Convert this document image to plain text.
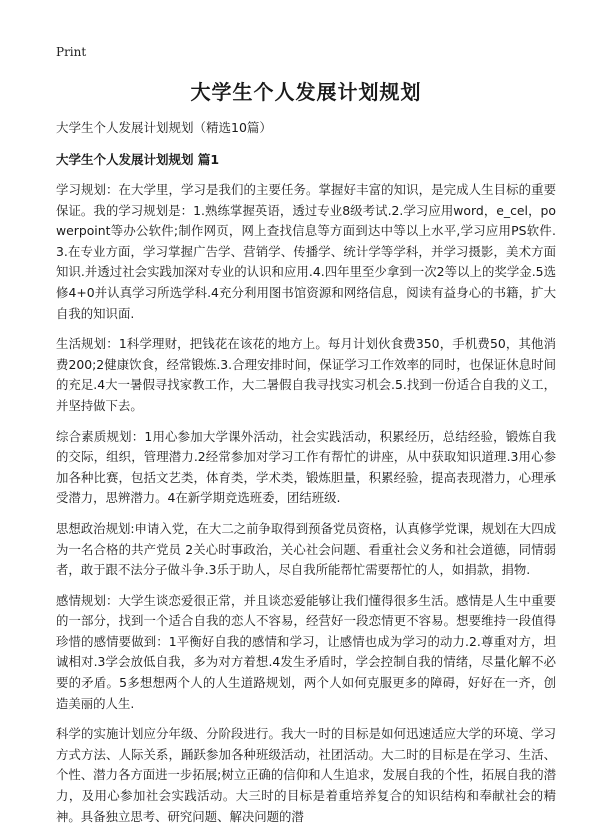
Print
大学生个人发展计划规划
大学生个人发展计划规划（精选10篇）
大学生个人发展计划规划 篇1

学习规划：在大学里，学习是我们的主要任务。掌握好丰富的知识，是完成人生目标的重要保证。我的学习规划是：1.熟练掌握英语，透过专业8级考试.2.学习应用word，e_cel，powerpoint等办公软件;制作网页，网上查找信息等方面到达中等以上水平,学习应用PS软件.3.在专业方面，学习掌握广告学、营销学、传播学、统计学等学科，并学习摄影，美术方面知识.并透过社会实践加深对专业的认识和应用.4.四年里至少拿到一次2等以上的奖学金.5选修4+0并认真学习所选学科.4充分利用图书馆资源和网络信息，阅读有益身心的书籍，扩大自我的知识面.

生活规划：1科学理财，把钱花在该花的地方上。每月计划伙食费350，手机费50，其他消费200;2健康饮食，经常锻炼.3.合理安排时间，保证学习工作效率的同时，也保证休息时间的充足.4大一暑假寻找家教工作，大二暑假自我寻找实习机会.5.找到一份适合自我的义工，并坚持做下去。

综合素质规划：1用心参加大学课外活动，社会实践活动，积累经历，总结经验，锻炼自我的交际，组织，管理潜力.2经常参加对学习工作有帮忙的讲座，从中获取知识道理.3用心参加各种比赛，包括文艺类，体育类，学术类，锻炼胆量，积累经验，提高表现潜力，心理承受潜力，思辨潜力。4在新学期竞选班委，团结班级.

思想政治规划:申请入党，在大二之前争取得到预备党员资格，认真修学党课，规划在大四成为一名合格的共产党员 2关心时事政治，关心社会问题、看重社会义务和社会道德，同情弱者，敢于跟不法分子做斗争.3乐于助人，尽自我所能帮忙需要帮忙的人，如捐款，捐物.

感情规划：大学生谈恋爱很正常，并且谈恋爱能够让我们懂得很多生活。感情是人生中重要的一部分，找到一个适合自我的恋人不容易，经营好一段恋情更不容易。想要维持一段值得珍惜的感情要做到：1平衡好自我的感情和学习，让感情也成为学习的动力.2.尊重对方，坦诚相对.3学会放低自我，多为对方着想.4发生矛盾时，学会控制自我的情绪，尽量化解不必要的矛盾。5多想想两个人的人生道路规划，两个人如何克服更多的障碍，好好在一齐，创造美丽的人生.

科学的实施计划应分年级、分阶段进行。我大一时的目标是如何迅速适应大学的环境、学习方式方法、人际关系，踊跃参加各种班级活动，社团活动。大二时的目标是在学习、生活、个性、潜力各方面进一步拓展;树立正确的信仰和人生追求，发展自我的个性，拓展自我的潜力，及用心参加社会实践活动。大三时的目标是着重培养复合的知识结构和奉献社会的精神。具备独立思考、研究问题、解决问题的潜
